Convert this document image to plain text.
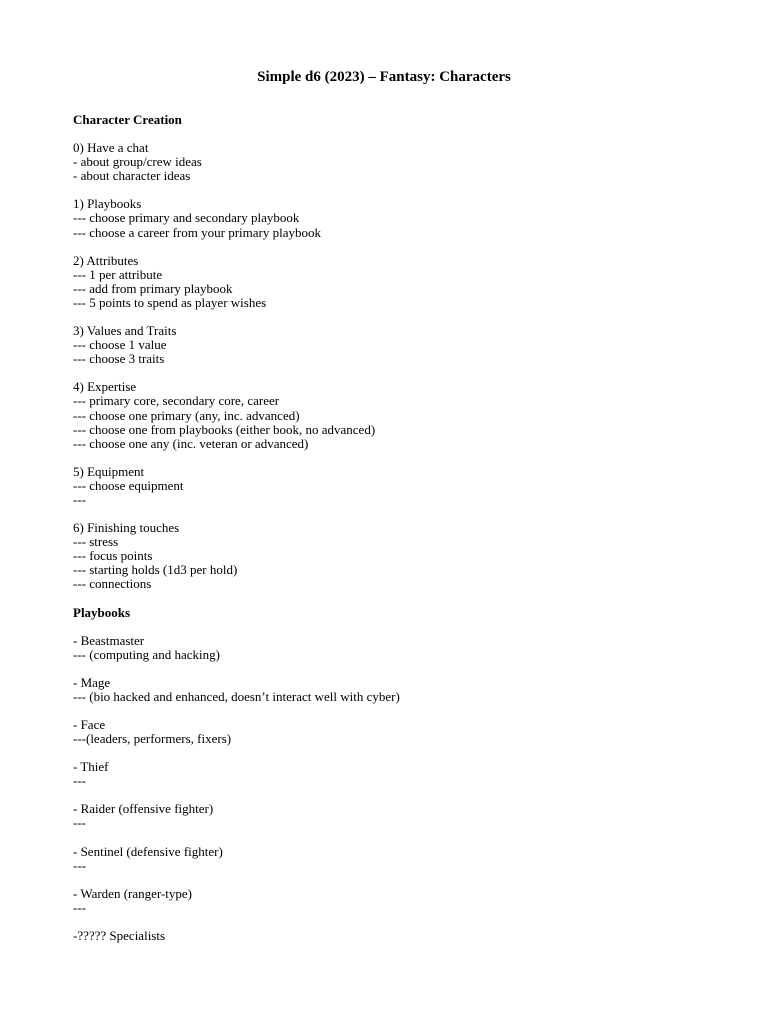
Simple d6 (2023) – Fantasy: Characters
Character Creation
0) Have a chat
- about group/crew ideas
- about character ideas
1) Playbooks
--- choose primary and secondary playbook
--- choose a career from your primary playbook
2) Attributes
--- 1 per attribute
--- add from primary playbook
--- 5 points to spend as player wishes
3) Values and Traits
--- choose 1 value
--- choose 3 traits
4) Expertise
--- primary core, secondary core, career
--- choose one primary (any, inc. advanced)
--- choose one from playbooks (either book, no advanced)
--- choose one any (inc. veteran or advanced)
5) Equipment
--- choose equipment
---
6) Finishing touches
--- stress
--- focus points
--- starting holds (1d3 per hold)
--- connections
Playbooks
- Beastmaster
--- (computing and hacking)
- Mage
--- (bio hacked and enhanced, doesn’t interact well with cyber)
- Face
---(leaders, performers, fixers)
- Thief
---
- Raider (offensive fighter)
---
- Sentinel (defensive fighter)
---
- Warden (ranger-type)
---
-????? Specialists
